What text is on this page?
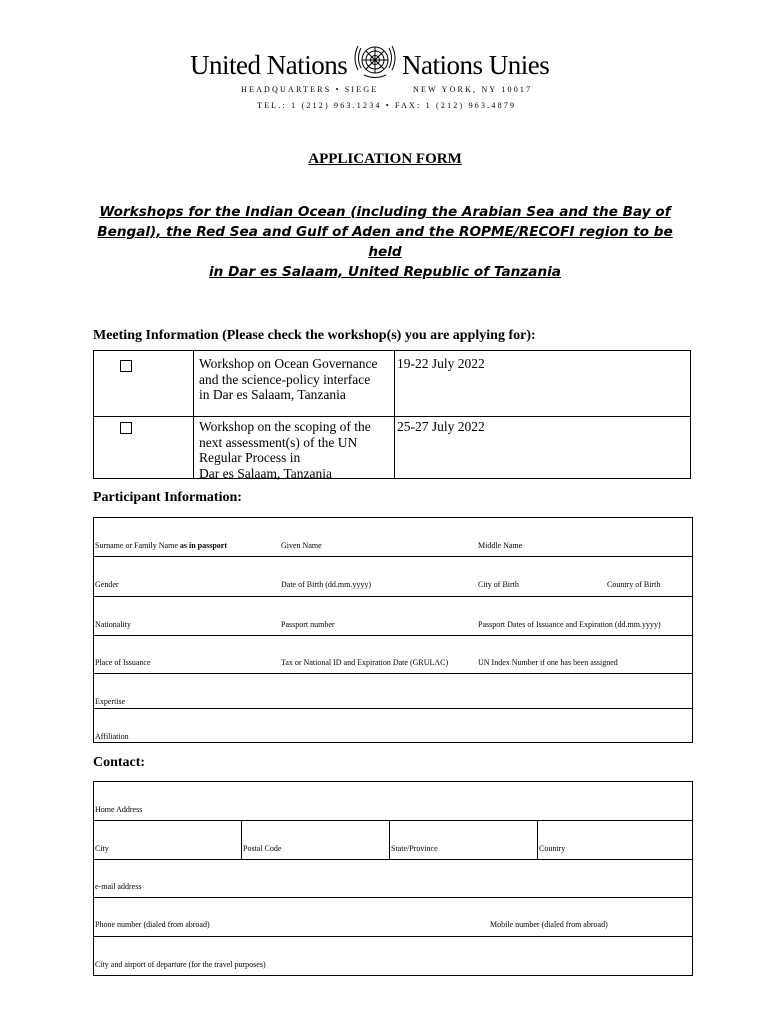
United Nations Nations Unies
HEADQUARTERS • SIEGE	NEW YORK, NY 10017
TEL.: 1 (212) 963.1234 • FAX: 1 (212) 963.4879
APPLICATION FORM
Workshops for the Indian Ocean (including the Arabian Sea and the Bay of
Bengal), the Red Sea and Gulf of Aden and the ROPME/RECOFI region to be held
in Dar es Salaam, United Republic of Tanzania
Meeting Information (Please check the workshop(s) you are applying for):
Workshop on Ocean Governance
and the science-policy interface
in Dar es Salaam, Tanzania
19-22 July 2022
Workshop on the scoping of the
next assessment(s) of the UN
Regular Process in
Dar es Salaam, Tanzania
25-27 July 2022
Participant Information:
Surname or Family Name as in passport	Given Name	Middle Name
Gender	Date of Birth (dd.mm.yyyy)	City of Birth	Country of Birth
Nationality	Passport number	Passport Dates of Issuance and Expiration (dd.mm.yyyy)
Place of Issuance	Tax or National ID and Expiration Date (GRULAC)	UN Index Number if one has been assigned
Expertise
Affiliation
Contact:
Home Address
City	Postal Code	State/Province	Country
e-mail address
Phone number (dialed from abroad)	Mobile number (dialed from abroad)
City and airport of departure (for the travel purposes)
